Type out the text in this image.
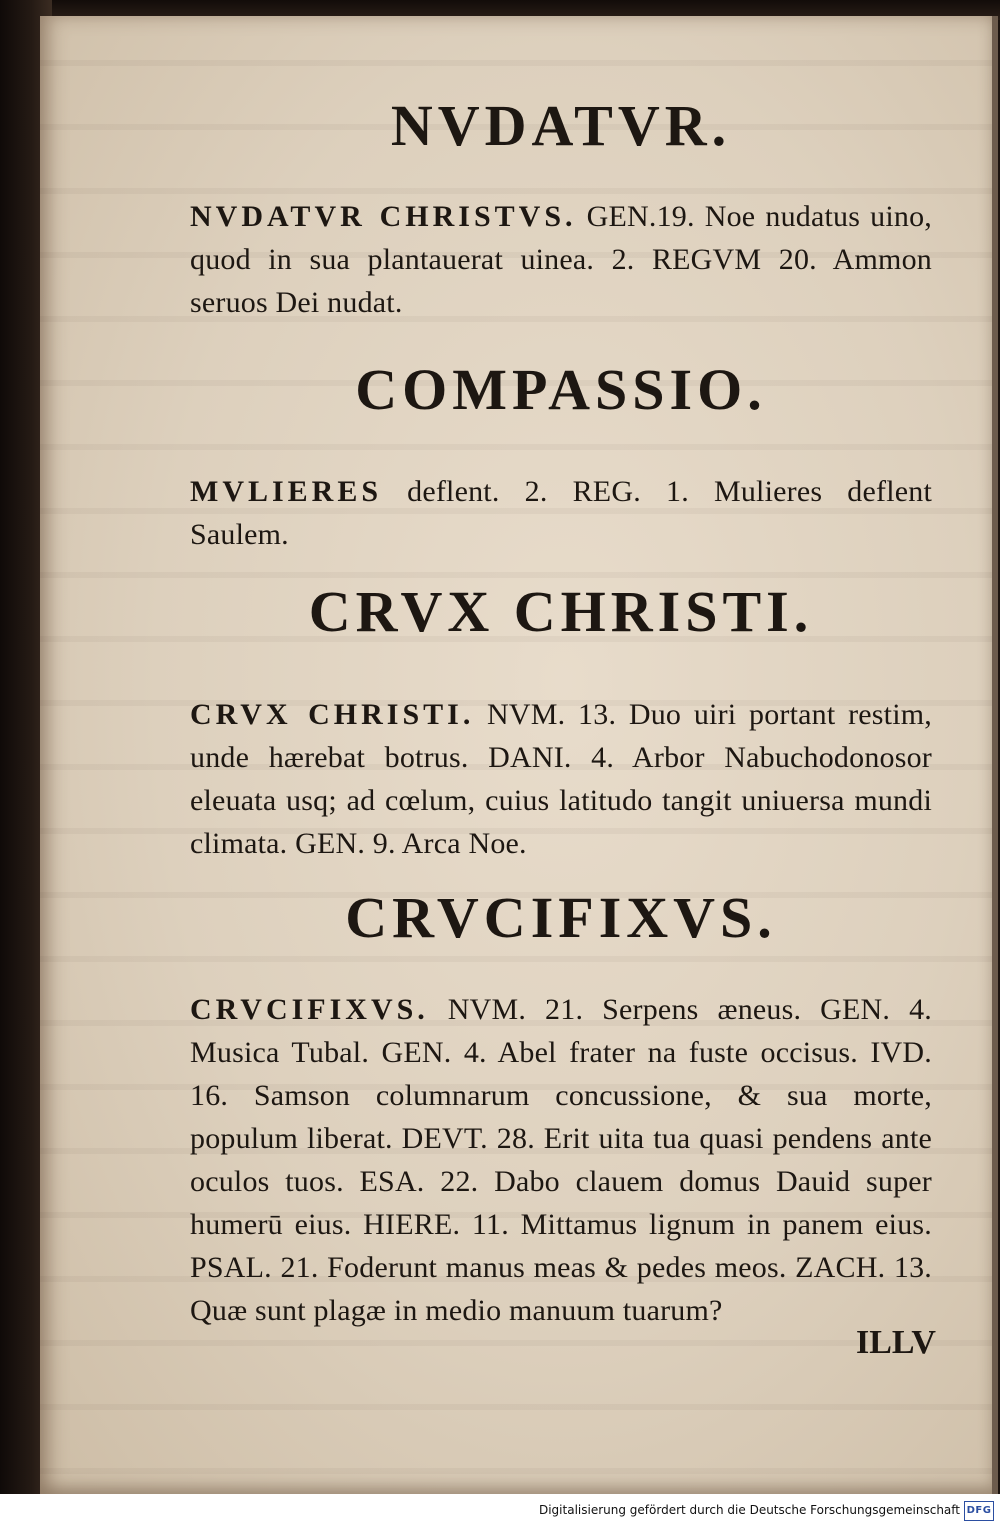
NVDATVR.
NVDATVR CHRISTVS. GEN.19. Noe nudatus uino, quod in sua plantauerat uinea. 2. REGVM 20. Ammon seruos Dei nudat.
COMPASSIO.
MVLIERES deflent. 2. REG. 1. Mulieres deflent Saulem.
CRVX CHRISTI.
CRVX CHRISTI. NVM. 13. Duo uiri portant restim, unde hærebat botrus. DANI. 4. Arbor Nabuchodonosor eleuata usq; ad cœlum, cuius latitudo tangit uniuersa mundi climata. GEN. 9. Arca Noe.
CRVCIFIXVS.
CRVCIFIXVS. NVM. 21. Serpens æneus. GEN. 4. Musica Tubal. GEN. 4. Abel frater na fuste occisus. IVD. 16. Samson columnarum concussione, & sua morte, populum liberat. DEVT. 28. Erit uita tua quasi pendens ante oculos tuos. ESA. 22. Dabo clauem domus Dauid super humerū eius. HIERE. 11. Mittamus lignum in panem eius. PSAL. 21. Foderunt manus meas & pedes meos. ZACH. 13. Quæ sunt plagæ in medio manuum tuarum?
ILLV
Digitalisierung gefördert durch die Deutsche Forschungsgemeinschaft DFG
